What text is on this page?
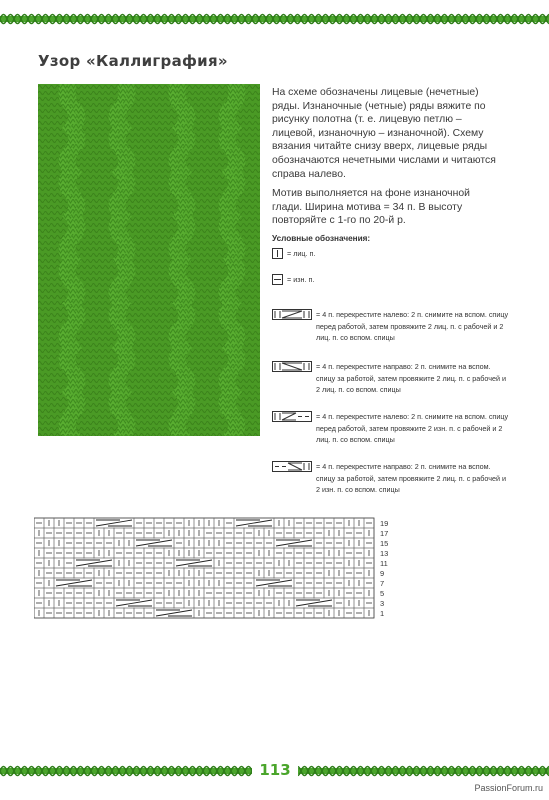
Узор «Каллиграфия»

На схеме обозначены лицевые (нечетные) ряды. Изнаночные (четные) ряды вяжите по рисунку полотна (т. е. лицевую петлю – лицевой, изнаночную – изнаночной). Схему вязания читайте снизу вверх, лицевые ряды обозначаются нечетными числами и читаются справа налево.

Мотив выполняется на фоне изнаночной глади. Ширина мотива = 34 п. В высоту повторяйте с 1-го по 20-й р.

Условные обозначения:
= лиц. п.
= изн. п.
= 4 п. перекрестите налево: 2 п. снимите на вспом. спицу перед работой, затем провяжите 2 лиц. п. с рабочей и 2 лиц. п. со вспом. спицы
= 4 п. перекрестите направо: 2 п. снимите на вспом. спицу за работой, затем провяжите 2 лиц. п. с рабочей и 2 лиц. п. со вспом. спицы
= 4 п. перекрестите налево: 2 п. снимите на вспом. спицу перед работой, затем провяжите 2 изн. п. с рабочей и 2 лиц. п. со вспом. спицы
= 4 п. перекрестите направо: 2 п. снимите на вспом. спицу за работой, затем провяжите 2 лиц. п. с рабочей и 2 изн. п. со вспом. спицы
19
17
15
13
11
9
7
5
3
1
113
PassionForum.ru
